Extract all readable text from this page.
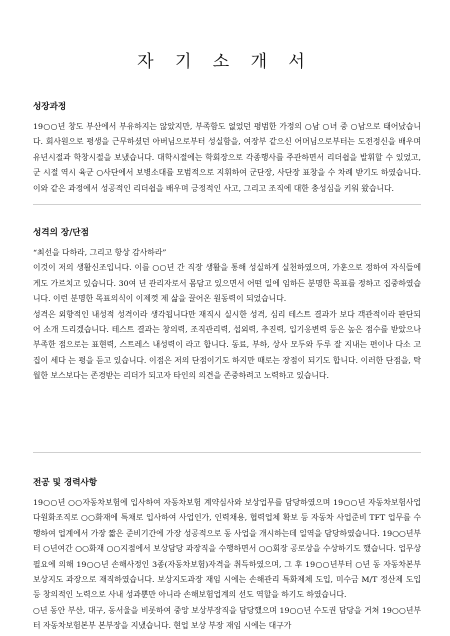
자 기 소 개 서
성장과정

19○○년 창도 부산에서 부유하지는 않았지만, 부족함도 없었던 평범한 가정의 ○남 ○녀 중 ○남으로 태어났습니다. 회사원으로 평생을 근무하셨던 아버님으로부터 성실함을, 여장부 같으신 어머님으로부터는 도전정신을 배우며 유년시절과 학창시절을 보냈습니다. 대학시절에는 학회장으로 각종행사를 주관하면서 리더쉽을 발휘할 수 있었고, 군 시절 역시 육군 ○사단에서 보병소대를 모범적으로 지휘하여 군단장, 사단장 표창을 수 차례 받기도 하였습니다. 이와 같은 과정에서 성공적인 리더쉽을 배우며 긍정적인 사고, 그리고 조직에 대한 충성심을 키워 왔습니다.

성격의 장/단점

“최선을 다하라, 그리고 항상 감사하라”

이것이 저의 생활신조입니다. 이를 ○○년 간 직장 생활을 통해 성실하게 실천하였으며, 가훈으로 정하여 자식들에게도 가르치고 있습니다. 30여 년 관리자로서 몸담고 있으면서 어떤 일에 임하든 분명한 목표를 정하고 집중하였습니다. 이런 분명한 목표의식이 이제껏 제 삶을 끌어온 원동력이 되었습니다.

성격은 외향적인 내성적 성격이라 생각됩니다만 재직시 실시한 성격, 심리 테스트 결과가 보다 객관적이라 판단되어 소개 드리겠습니다. 테스트 결과는 창의력, 조직관리력, 섭외력, 추진력, 입기응변력 등은 높은 점수를 받았으나 부족한 점으로는 표현력, 스트레스 내성력이 라고 합니다. 동료, 부하, 상사 모두와 두루 잘 지내는 편이나 다소 고집이 세다 는 평을 듣고 있습니다. 이점은 저의 단점이기도 하지만 때로는 장점이 되기도 합니다. 이러한 단점을, 탁월한 보스보다는 존경받는 리더가 되고자 타인의 의견을 존중하려고 노력하고 있습니다.

전공 및 경력사항

19○○년 ○○자동차보험에 입사하여 자동차보험 계약심사와 보상업무를 담당하였으며 19○○년 자동차보험사업 다원화조직로 ○○화재에 특채로 입사하여 사업인가, 인력채용, 협력업체 확보 등 자동차 사업준비 TFT 업무를 수행하여 업계에서 가장 짧은 준비기간에 가장 성공적으로 동 사업을 개시하는데 일역을 담당하였습니다. 19○○년부터 ○년여간 ○○화재 ○○지점에서 보상담당 과장직을 수행하면서 ○○회장 공로상을 수상하기도 했습니다. 업무상 필요에 의해 19○○년 손해사정인 3종(자동차보험)자격을 취득하였으며, 그 후 19○○년부터 ○년 동 자동차본부 보상지도 과장으로 재직하였습니다. 보상지도과장 재임 시에는 손해관리 특화제체 도입, 미수금 M/T 정산제 도입 등 창의적인 노력으로 사내 성과뿐만 아니라 손해보험업계의 선도 역할을 하기도 하였습니다.

○년 동안 부산, 대구, 동서울을 비롯하여 중앙 보상부장직을 담당했으며 19○○년 수도권 담당을 거쳐 19○○년부터 자동차보험본부 본부장을 지냈습니다. 현업 보상 부장 재임 시에는 대구가
